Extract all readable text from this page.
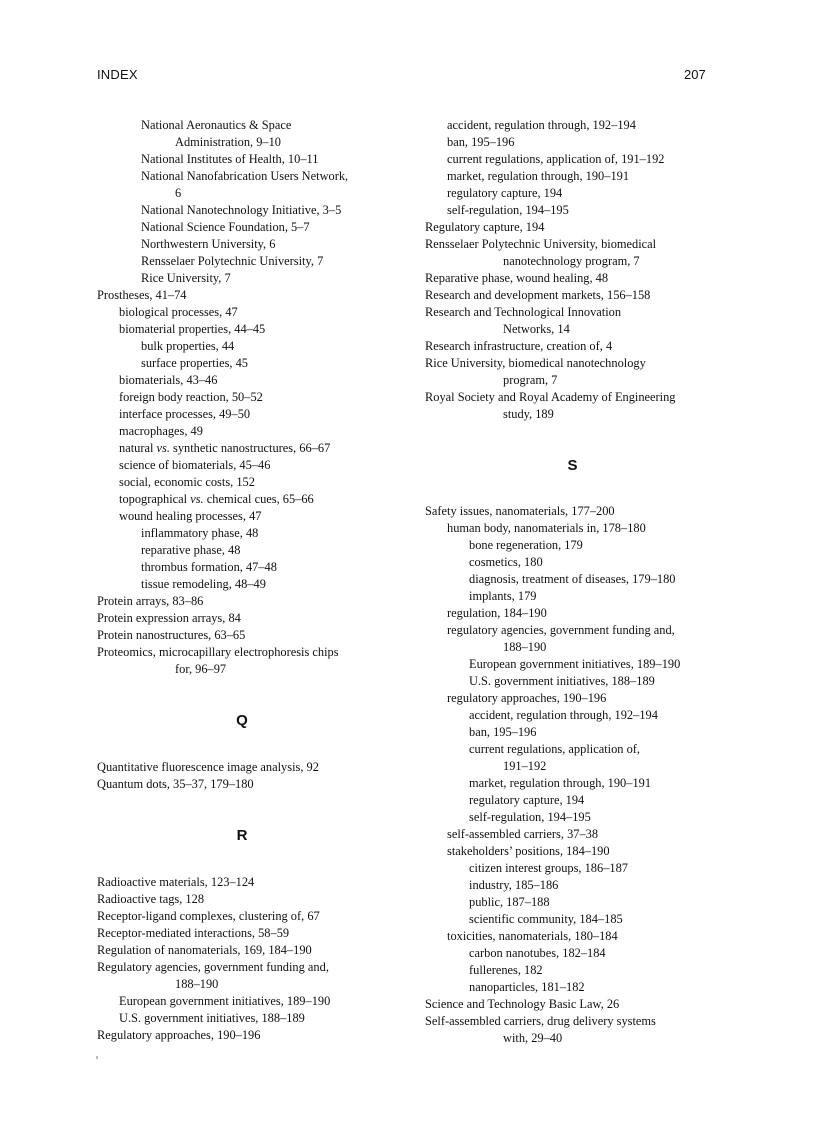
INDEX	207
National Aeronautics & Space
Administration, 9–10
National Institutes of Health, 10–11
National Nanofabrication Users Network,
6
National Nanotechnology Initiative, 3–5
National Science Foundation, 5–7
Northwestern University, 6
Rensselaer Polytechnic University, 7
Rice University, 7
Prostheses, 41–74
biological processes, 47
biomaterial properties, 44–45
bulk properties, 44
surface properties, 45
biomaterials, 43–46
foreign body reaction, 50–52
interface processes, 49–50
macrophages, 49
natural vs. synthetic nanostructures, 66–67
science of biomaterials, 45–46
social, economic costs, 152
topographical vs. chemical cues, 65–66
wound healing processes, 47
inflammatory phase, 48
reparative phase, 48
thrombus formation, 47–48
tissue remodeling, 48–49
Protein arrays, 83–86
Protein expression arrays, 84
Protein nanostructures, 63–65
Proteomics, microcapillary electrophoresis chips
for, 96–97
Q
Quantitative fluorescence image analysis, 92
Quantum dots, 35–37, 179–180
R
Radioactive materials, 123–124
Radioactive tags, 128
Receptor-ligand complexes, clustering of, 67
Receptor-mediated interactions, 58–59
Regulation of nanomaterials, 169, 184–190
Regulatory agencies, government funding and,
188–190
European government initiatives, 189–190
U.S. government initiatives, 188–189
Regulatory approaches, 190–196
accident, regulation through, 192–194
ban, 195–196
current regulations, application of, 191–192
market, regulation through, 190–191
regulatory capture, 194
self-regulation, 194–195
Regulatory capture, 194
Rensselaer Polytechnic University, biomedical
nanotechnology program, 7
Reparative phase, wound healing, 48
Research and development markets, 156–158
Research and Technological Innovation
Networks, 14
Research infrastructure, creation of, 4
Rice University, biomedical nanotechnology
program, 7
Royal Society and Royal Academy of Engineering
study, 189
S
Safety issues, nanomaterials, 177–200
human body, nanomaterials in, 178–180
bone regeneration, 179
cosmetics, 180
diagnosis, treatment of diseases, 179–180
implants, 179
regulation, 184–190
regulatory agencies, government funding and,
188–190
European government initiatives, 189–190
U.S. government initiatives, 188–189
regulatory approaches, 190–196
accident, regulation through, 192–194
ban, 195–196
current regulations, application of,
191–192
market, regulation through, 190–191
regulatory capture, 194
self-regulation, 194–195
self-assembled carriers, 37–38
stakeholders’ positions, 184–190
citizen interest groups, 186–187
industry, 185–186
public, 187–188
scientific community, 184–185
toxicities, nanomaterials, 180–184
carbon nanotubes, 182–184
fullerenes, 182
nanoparticles, 181–182
Science and Technology Basic Law, 26
Self-assembled carriers, drug delivery systems
with, 29–40
